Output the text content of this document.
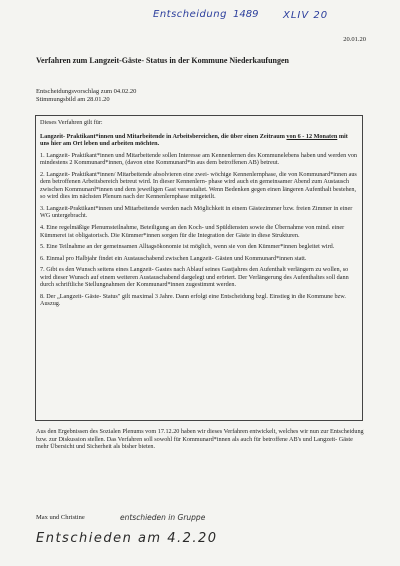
Entscheidung 1489 XLIV 20
20.01.20
Verfahren zum Langzeit-Gäste- Status in der Kommune Niederkaufungen
Entscheidungsvorschlag zum 04.02.20
Stimmungsbild am 28.01.20

Dieses Verfahren gilt für:

Langzeit- Praktikant*innen und Mitarbeitende in Arbeitsbereichen, die über einen Zeitraum von 6 - 12 Monaten mit uns hier am Ort leben und arbeiten möchten.

1. Langzeit- Praktikant*innen und Mitarbeitende sollen Interesse am Kennenlernen des Kommunelebens haben und werden von mindestens 2 Kommunard*innen, (davon eine Kommunard*in aus dem betroffenen AB) betreut.

2. Langzeit- Praktikant*innen/ Mitarbeitende absolvieren eine zwei- wöchige Kennenlernphase, die von Kommunard*innen aus dem betroffenen Arbeitsbereich betreut wird. In dieser Kennenlern- phase wird auch ein gemeinsamer Abend zum Austausch zwischen Kommunard*innen und dem jeweiligen Gast veranstaltet. Wenn Bedenken gegen einen längeren Aufenthalt bestehen, so wird dies im nächsten Plenum nach der Kennenlernphase mitgeteilt.

3. Langzeit-Praktikant*innen und Mitarbeitende werden nach Möglichkeit in einem Gästezimmer bzw. freien Zimmer in einer WG untergebracht.

4. Eine regelmäßige Plenumsteilnahme, Beteiligung an den Koch- und Spüldiensten sowie die Übernahme von mind. einer Kümmerei ist obligatorisch. Die Kümmer*innen sorgen für die Integration der Gäste in diese Strukturen.

5. Eine Teilnahme an der gemeinsamen Alltagsökonomie ist möglich, wenn sie von den Kümmer*innen begleitet wird.

6. Einmal pro Halbjahr findet ein Austauschabend zwischen Langzeit- Gästen und Kommunard*innen statt.

7. Gibt es den Wunsch seitens eines Langzeit- Gastes nach Ablauf seines Gastjahres den Aufenthalt verlängern zu wollen, so wird dieser Wunsch auf einem weiteren Austauschabend dargelegt und erörtert. Der Verlängerung des Aufenthaltes soll dann durch schriftliche Stellungnahmen der Kommunard*innen zugestimmt werden.

8. Der „Langzeit- Gäste- Status" gilt maximal 3 Jahre. Dann erfolgt eine Entscheidung bzgl. Einstieg in die Kommune bzw. Auszug.

Aus den Ergebnissen des Sozialen Plenums vom 17.12.20 haben wir dieses Verfahren entwickelt, welches wir nun zur Entscheidung bzw. zur Diskussion stellen. Das Verfahren soll sowohl für Kommunard*innen als auch für betroffene AB's und Langzeit- Gäste mehr Übersicht und Sicherheit als bisher bieten.
Max und Christine	entschieden in Gruppe
Entschieden am 4.2.20
